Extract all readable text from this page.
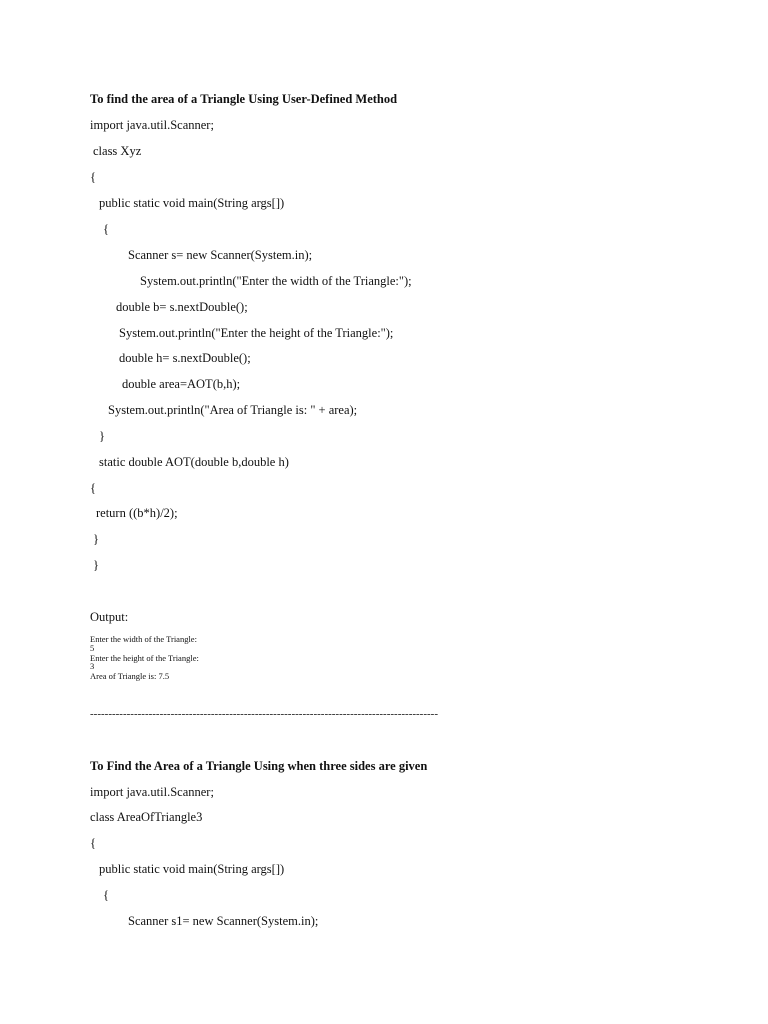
To find the area of a Triangle Using User-Defined Method
import java.util.Scanner;
class Xyz
{
public static void main(String args[])
{
Scanner s= new Scanner(System.in);
System.out.println("Enter the width of the Triangle:");
double b= s.nextDouble();
System.out.println("Enter the height of the Triangle:");
double h= s.nextDouble();
double area=AOT(b,h);
System.out.println("Area of Triangle is: " + area);
}
static double AOT(double b,double h)
{
return ((b*h)/2);
}
}
Output:
Enter the width of the Triangle:
5
Enter the height of the Triangle:
3
Area of Triangle is: 7.5
-----------------------------------------------------------------------------------------------
To Find the Area of a Triangle Using when three sides are given
import java.util.Scanner;
class AreaOfTriangle3
{
public static void main(String args[])
{
Scanner s1= new Scanner(System.in);
